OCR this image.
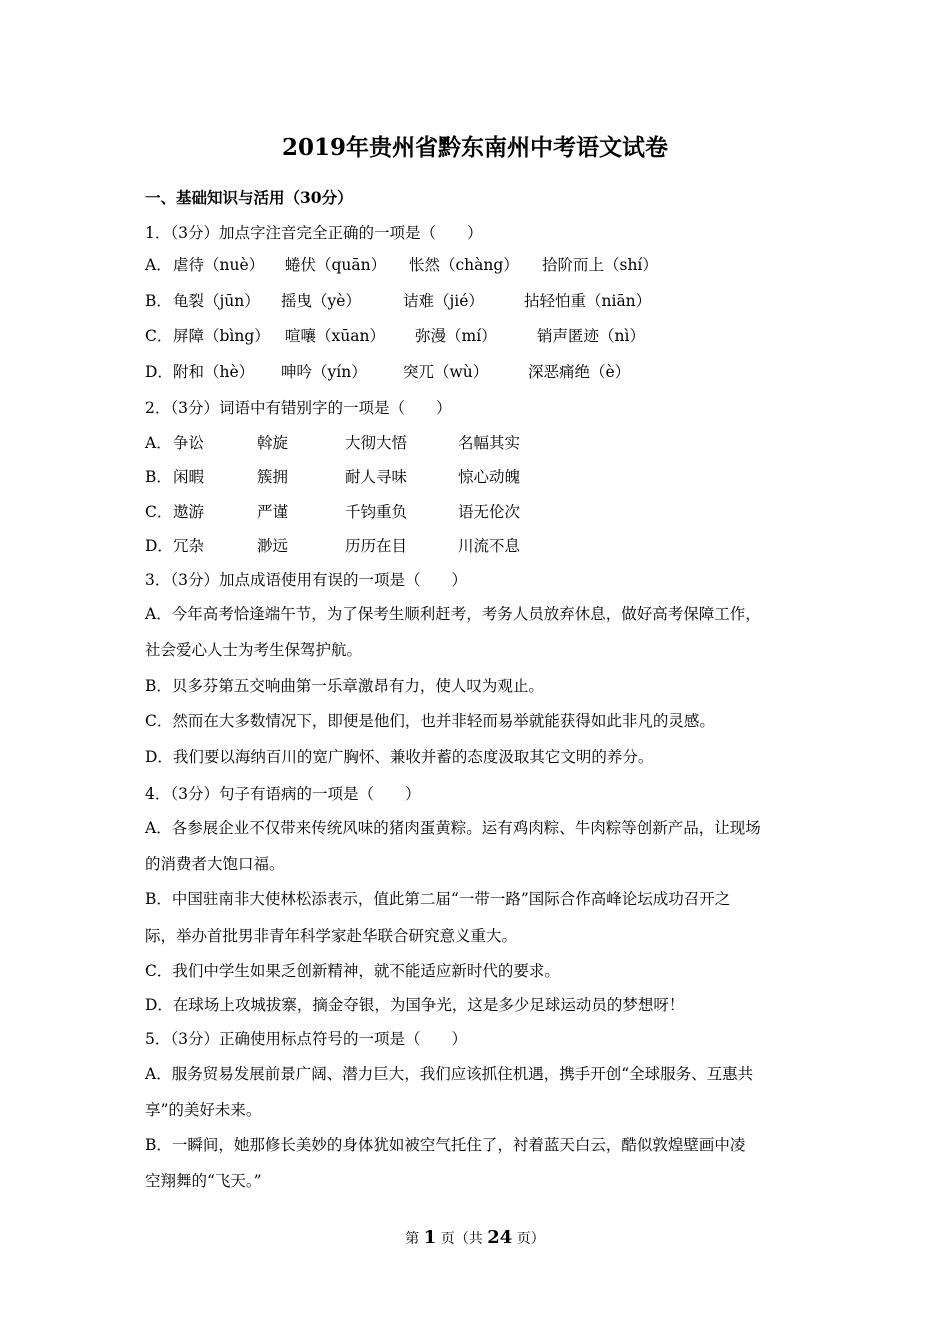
2019年贵州省黔东南州中考语文试卷
一、基础知识与活用（30分）
1．（3分）加点字注音完全正确的一项是（　　）
A． 虐待（nuè） 蜷伏（quān） 怅然（chàng） 拾阶而上（shí）
B． 龟裂（jūn） 摇曳（yè）	诘难（jié）	拈轻怕重（niān）
C． 屏障（bìng） 喧嚷（xūan） 弥漫（mí）	销声匿迹（nì）
D． 附和（hè） 呻吟（yín） 突兀（wù）	深恶痛绝（è）
2．（3分）词语中有错别字的一项是（　　）
A． 争讼	斡旋	大彻大悟	名幅其实
B． 闲暇	簇拥	耐人寻味	惊心动魄
C． 遨游	严谨	千钧重负	语无伦次
D． 冗杂	渺远	历历在目	川流不息
3．（3分）加点成语使用有误的一项是（　　）
A．今年高考恰逢端午节，为了保考生顺利赶考，考务人员放弃休息，做好高考保障工作，
社会爱心人士为考生保驾护航。
B．贝多芬第五交响曲第一乐章激昂有力，使人叹为观止。
C．然而在大多数情况下，即便是他们，也并非轻而易举就能获得如此非凡的灵感。
D．我们要以海纳百川的宽广胸怀、兼收并蓄的态度汲取其它文明的养分。
4．（3分）句子有语病的一项是（　　）
A．各参展企业不仅带来传统风味的猪肉蛋黄粽。运有鸡肉粽、牛肉粽等创新产品，让现场
的消费者大饱口福。
B．中国驻南非大使林松添表示，值此第二届“一带一路”国际合作高峰论坛成功召开之
际，举办首批男非青年科学家赴华联合研究意义重大。
C．我们中学生如果乏创新精神，就不能适应新时代的要求。
D．在球场上攻城拔寨，摘金夺银，为国争光，这是多少足球运动员的梦想呀！
5．（3分）正确使用标点符号的一项是（　　）
A．服务贸易发展前景广阔、潜力巨大，我们应该抓住机遇，携手开创“全球服务、互惠共
享”的美好未来。
B．一瞬间，她那修长美妙的身体犹如被空气托住了，衬着蓝天白云，酷似敦煌壁画中凌
空翔舞的“飞天。”
第 1 页（共 24 页）
